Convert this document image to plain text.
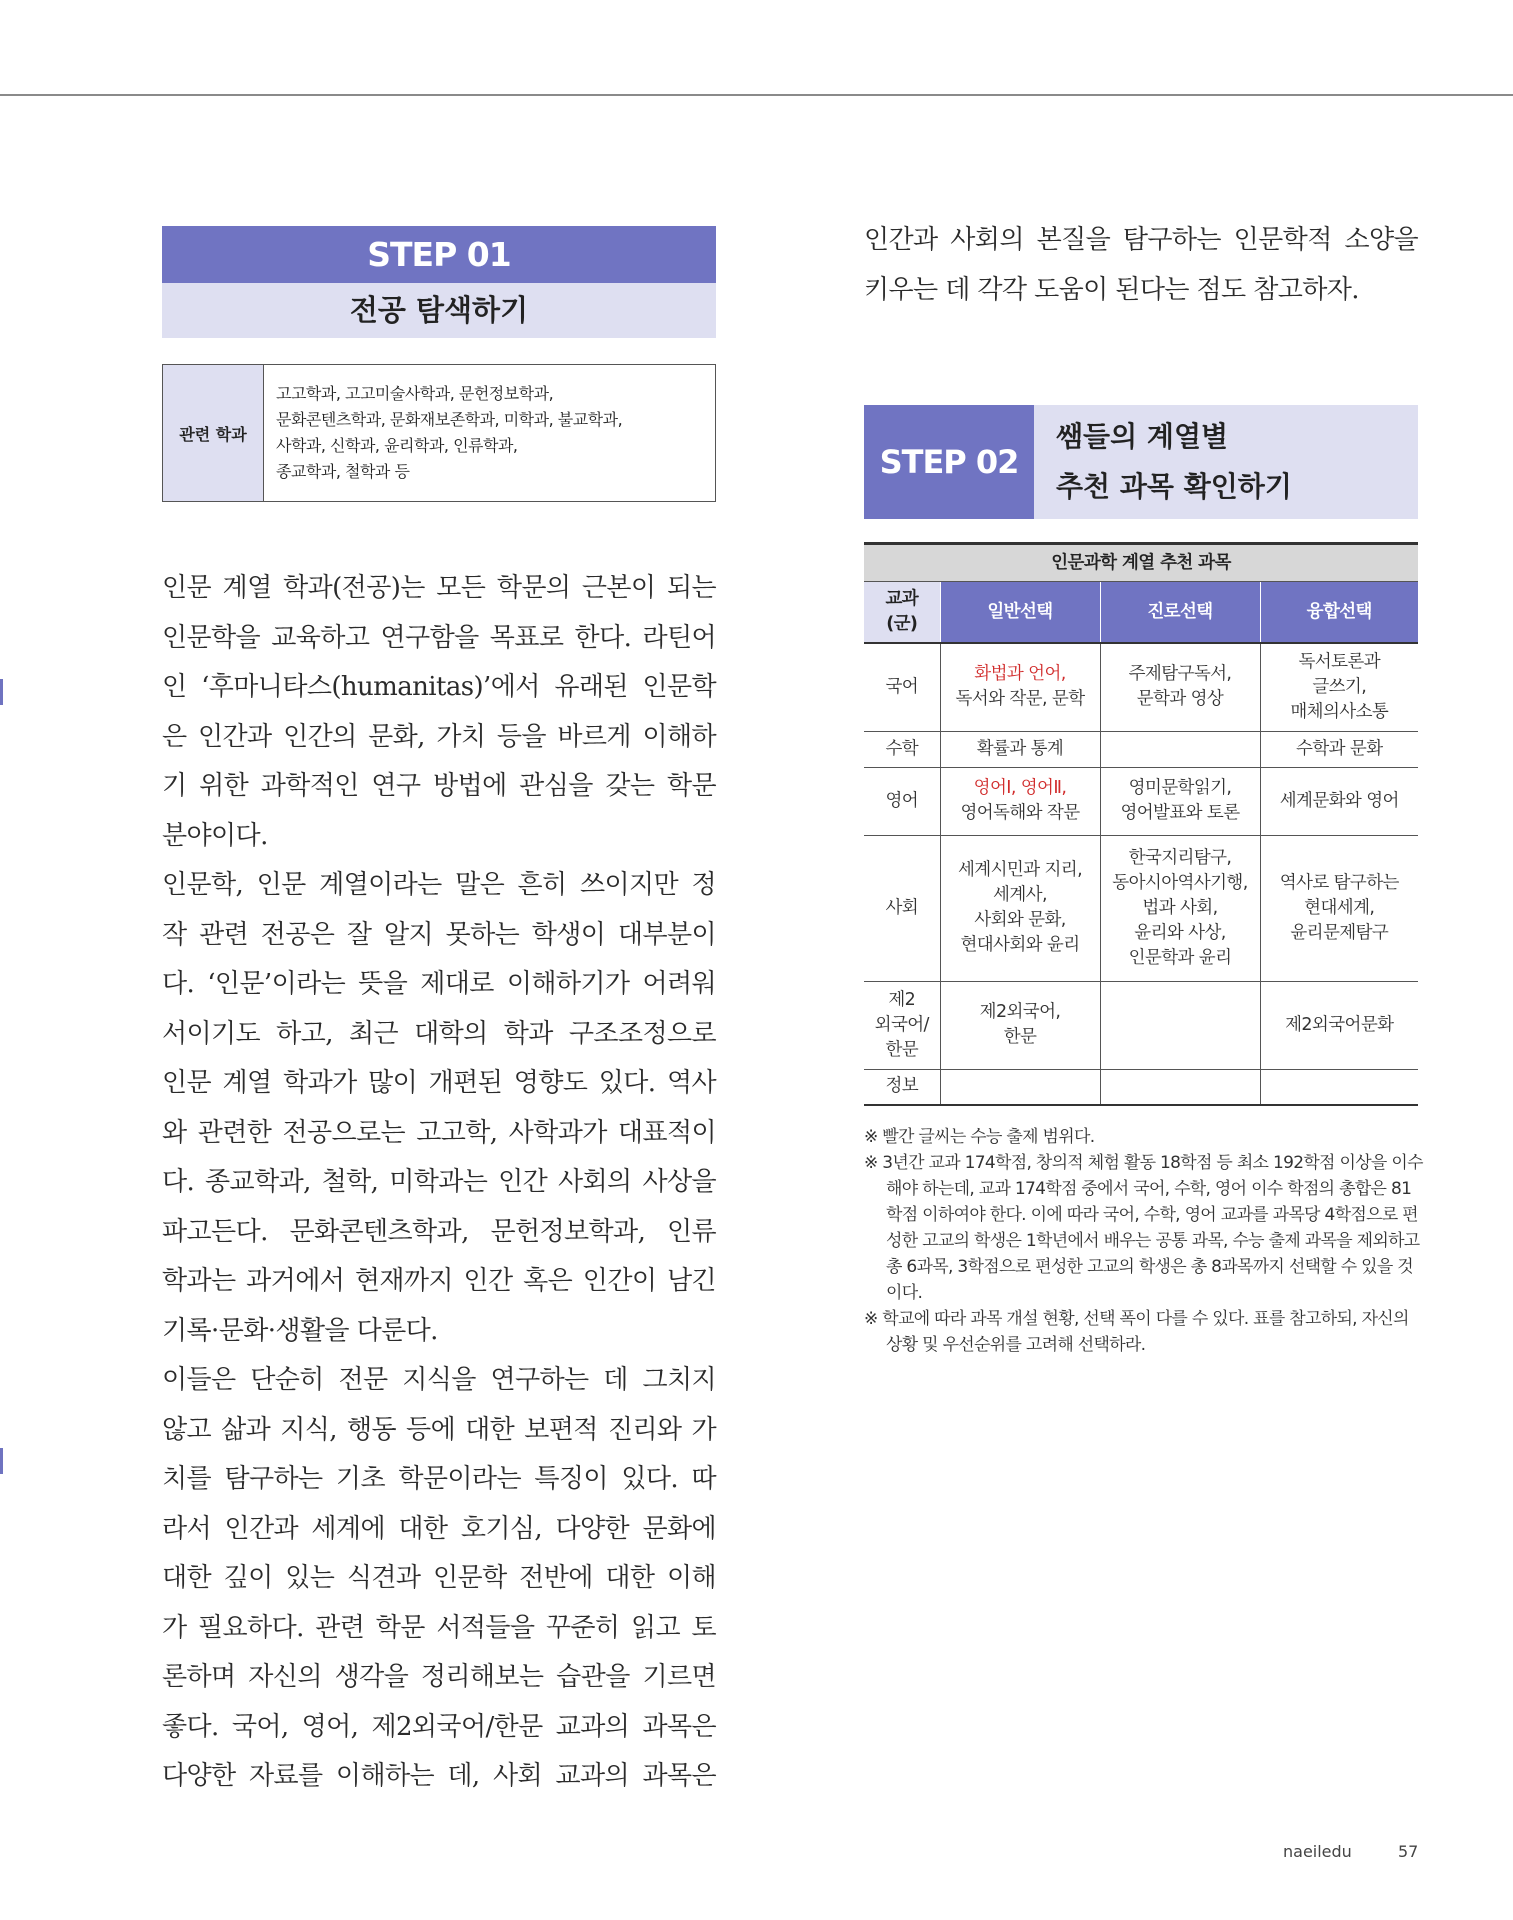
STEP 01
전공 탐색하기
관련 학과
고고학과, 고고미술사학과, 문헌정보학과,
문화콘텐츠학과, 문화재보존학과, 미학과, 불교학과,
사학과, 신학과, 윤리학과, 인류학과,
종교학과, 철학과 등
인문 계열 학과(전공)는 모든 학문의 근본이 되는
인문학을 교육하고 연구함을 목표로 한다. 라틴어
인 ‘후마니타스(humanitas)’에서 유래된 인문학
은 인간과 인간의 문화, 가치 등을 바르게 이해하
기 위한 과학적인 연구 방법에 관심을 갖는 학문
분야이다.
인문학, 인문 계열이라는 말은 흔히 쓰이지만 정
작 관련 전공은 잘 알지 못하는 학생이 대부분이
다. ‘인문’이라는 뜻을 제대로 이해하기가 어려워
서이기도 하고, 최근 대학의 학과 구조조정으로
인문 계열 학과가 많이 개편된 영향도 있다. 역사
와 관련한 전공으로는 고고학, 사학과가 대표적이
다. 종교학과, 철학, 미학과는 인간 사회의 사상을
파고든다. 문화콘텐츠학과, 문헌정보학과, 인류
학과는 과거에서 현재까지 인간 혹은 인간이 남긴
기록·문화·생활을 다룬다.
이들은 단순히 전문 지식을 연구하는 데 그치지
않고 삶과 지식, 행동 등에 대한 보편적 진리와 가
치를 탐구하는 기초 학문이라는 특징이 있다. 따
라서 인간과 세계에 대한 호기심, 다양한 문화에
대한 깊이 있는 식견과 인문학 전반에 대한 이해
가 필요하다. 관련 학문 서적들을 꾸준히 읽고 토
론하며 자신의 생각을 정리해보는 습관을 기르면
좋다. 국어, 영어, 제2외국어/한문 교과의 과목은
다양한 자료를 이해하는 데, 사회 교과의 과목은
인간과 사회의 본질을 탐구하는 인문학적 소양을
키우는 데 각각 도움이 된다는 점도 참고하자.
STEP 02
쌤들의 계열별
추천 과목 확인하기
인문과학 계열 추천 과목			
교과
(군)	일반선택	진로선택	융합선택
국어	화법과 언어,
독서와 작문, 문학	주제탐구독서,
문학과 영상	독서토론과
글쓰기,
매체의사소통
수학	확률과 통계		수학과 문화
영어	영어Ⅰ, 영어Ⅱ,
영어독해와 작문	영미문학읽기,
영어발표와 토론	세계문화와 영어
사회	세계시민과 지리,
세계사,
사회와 문화,
현대사회와 윤리	한국지리탐구,
동아시아역사기행,
법과 사회,
윤리와 사상,
인문학과 윤리	역사로 탐구하는
현대세계,
윤리문제탐구
제2
외국어/
한문	제2외국어,
한문		제2외국어문화
정보			
※ 빨간 글씨는 수능 출제 범위다.
※ 3년간 교과 174학점, 창의적 체험 활동 18학점 등 최소 192학점 이상을 이수해야 하는데, 교과 174학점 중에서 국어, 수학, 영어 이수 학점의 총합은 81학점 이하여야 한다. 이에 따라 국어, 수학, 영어 교과를 과목당 4학점으로 편성한 고교의 학생은 1학년에서 배우는 공통 과목, 수능 출제 과목을 제외하고 총 6과목, 3학점으로 편성한 고교의 학생은 총 8과목까지 선택할 수 있을 것이다.
※ 학교에 따라 과목 개설 현황, 선택 폭이 다를 수 있다. 표를 참고하되, 자신의 상황 및 우선순위를 고려해 선택하라.
naeiledu	57
